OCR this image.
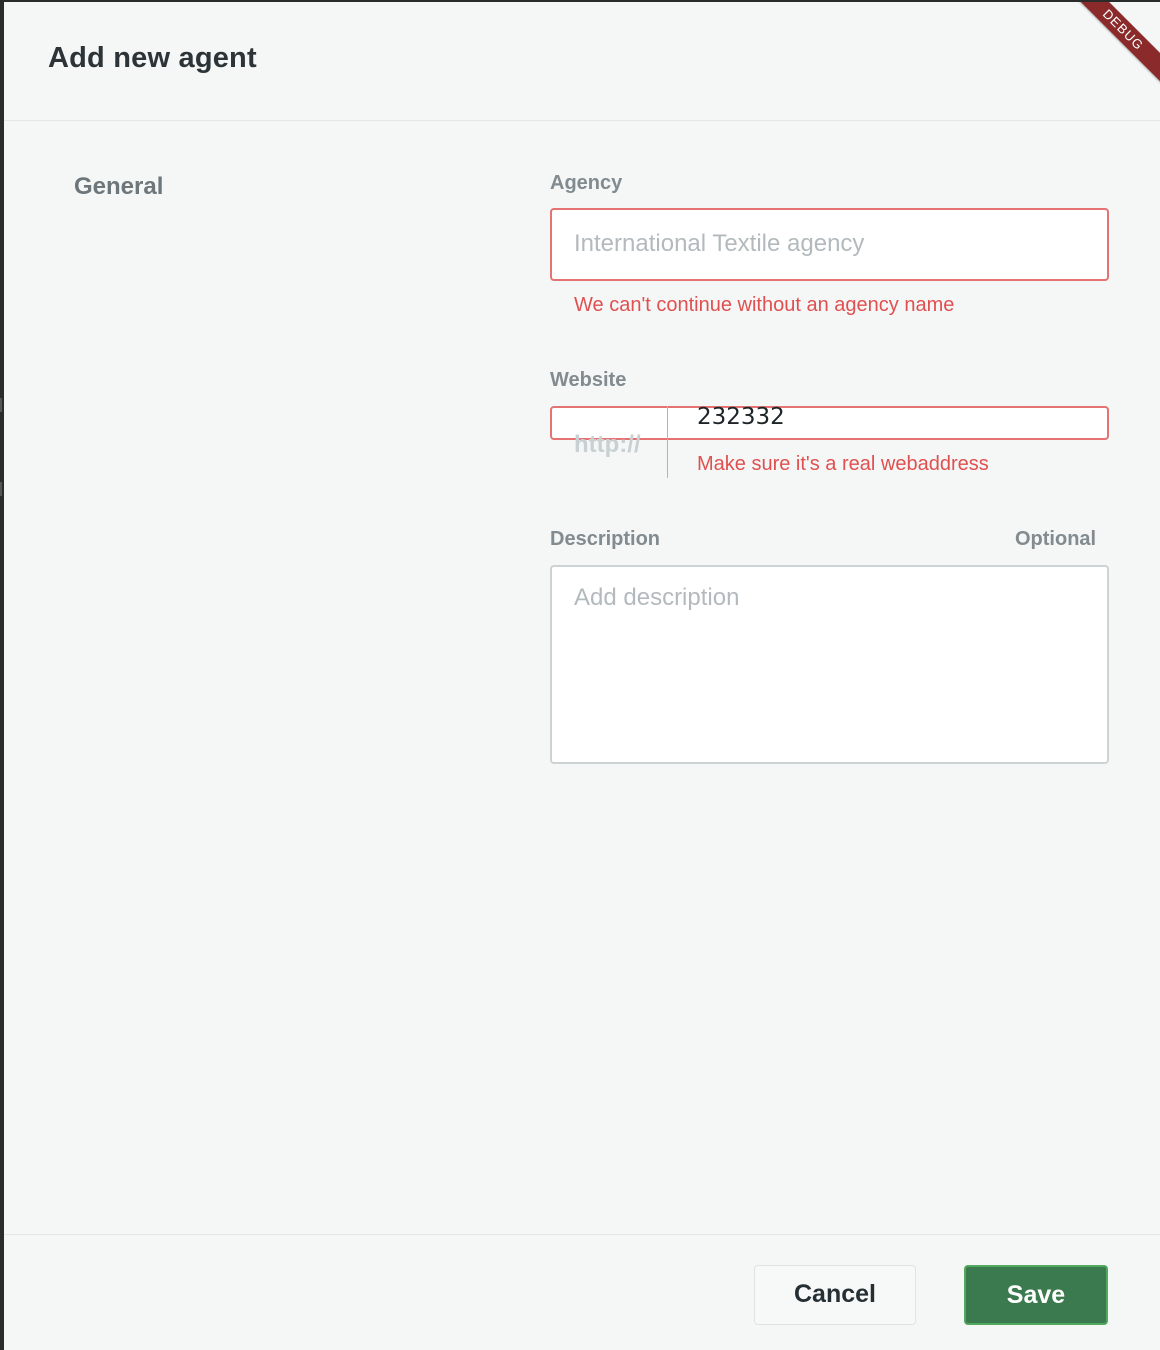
Add new agent
DEBUG
General	Agency
International Textile agency
We can't continue without an agency name
Website
http://
232332
Make sure it's a real webaddress
Description	Optional
Add description
Cancel	Save
